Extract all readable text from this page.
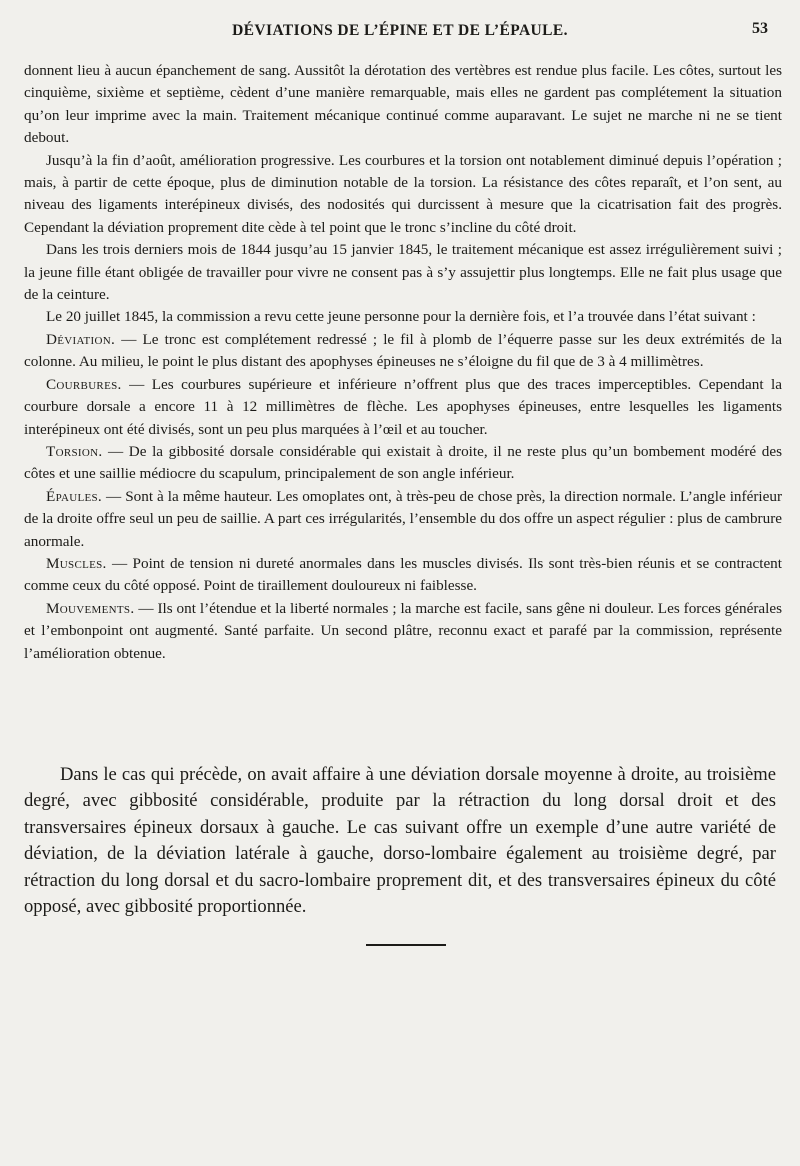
DÉVIATIONS DE L’ÉPINE ET DE L’ÉPAULE.	53

donnent lieu à aucun épanchement de sang. Aussitôt la dérotation des vertèbres est rendue plus facile. Les côtes, surtout les cinquième, sixième et septième, cèdent d’une manière remarquable, mais elles ne gardent pas complétement la situation qu’on leur imprime avec la main. Traitement mécanique continué comme auparavant. Le sujet ne marche ni ne se tient debout.

Jusqu’à la fin d’août, amélioration progressive. Les courbures et la torsion ont notablement diminué depuis l’opération ; mais, à partir de cette époque, plus de diminution notable de la torsion. La résistance des côtes reparaît, et l’on sent, au niveau des ligaments interépineux divisés, des nodosités qui durcissent à mesure que la cicatrisation fait des progrès. Cependant la déviation proprement dite cède à tel point que le tronc s’incline du côté droit.

Dans les trois derniers mois de 1844 jusqu’au 15 janvier 1845, le traitement mécanique est assez irrégulièrement suivi ; la jeune fille étant obligée de travailler pour vivre ne consent pas à s’y assujettir plus longtemps. Elle ne fait plus usage que de la ceinture.

Le 20 juillet 1845, la commission a revu cette jeune personne pour la dernière fois, et l’a trouvée dans l’état suivant :

Déviation. — Le tronc est complétement redressé ; le fil à plomb de l’équerre passe sur les deux extrémités de la colonne. Au milieu, le point le plus distant des apophyses épineuses ne s’éloigne du fil que de 3 à 4 millimètres.

Courbures. — Les courbures supérieure et inférieure n’offrent plus que des traces imperceptibles. Cependant la courbure dorsale a encore 11 à 12 millimètres de flèche. Les apophyses épineuses, entre lesquelles les ligaments interépineux ont été divisés, sont un peu plus marquées à l’œil et au toucher.

Torsion. — De la gibbosité dorsale considérable qui existait à droite, il ne reste plus qu’un bombement modéré des côtes et une saillie médiocre du scapulum, principalement de son angle inférieur.

Épaules. — Sont à la même hauteur. Les omoplates ont, à très-peu de chose près, la direction normale. L’angle inférieur de la droite offre seul un peu de saillie. A part ces irrégularités, l’ensemble du dos offre un aspect régulier : plus de cambrure anormale.

Muscles. — Point de tension ni dureté anormales dans les muscles divisés. Ils sont très-bien réunis et se contractent comme ceux du côté opposé. Point de tiraillement douloureux ni faiblesse.

Mouvements. — Ils ont l’étendue et la liberté normales ; la marche est facile, sans gêne ni douleur. Les forces générales et l’embonpoint ont augmenté. Santé parfaite. Un second plâtre, reconnu exact et parafé par la commission, représente l’amélioration obtenue.

Dans le cas qui précède, on avait affaire à une déviation dorsale moyenne à droite, au troisième degré, avec gibbosité considérable, produite par la rétraction du long dorsal droit et des transversaires épineux dorsaux à gauche. Le cas suivant offre un exemple d’une autre variété de déviation, de la déviation latérale à gauche, dorso-lombaire également au troisième degré, par rétraction du long dorsal et du sacro-lombaire proprement dit, et des transversaires épineux du côté opposé, avec gibbosité proportionnée.
